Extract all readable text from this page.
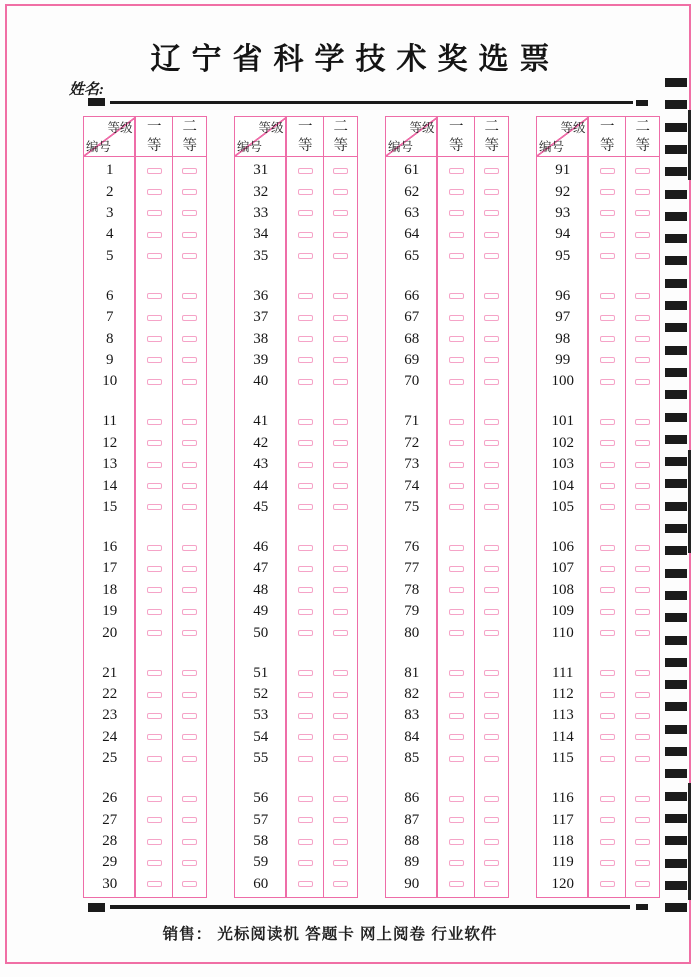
辽宁省科学技术奖选票
姓名:
等级
编号
一等
二等
1
2
3
4
5
6
7
8
9
10
11
12
13
14
15
16
17
18
19
20
21
22
23
24
25
26
27
28
29
30
等级
编号
一等
二等
31
32
33
34
35
36
37
38
39
40
41
42
43
44
45
46
47
48
49
50
51
52
53
54
55
56
57
58
59
60
等级
编号
一等
二等
61
62
63
64
65
66
67
68
69
70
71
72
73
74
75
76
77
78
79
80
81
82
83
84
85
86
87
88
89
90
等级
编号
一等
二等
91
92
93
94
95
96
97
98
99
100
101
102
103
104
105
106
107
108
109
110
111
112
113
114
115
116
117
118
119
120
销售： 光标阅读机 答题卡 网上阅卷 行业软件
